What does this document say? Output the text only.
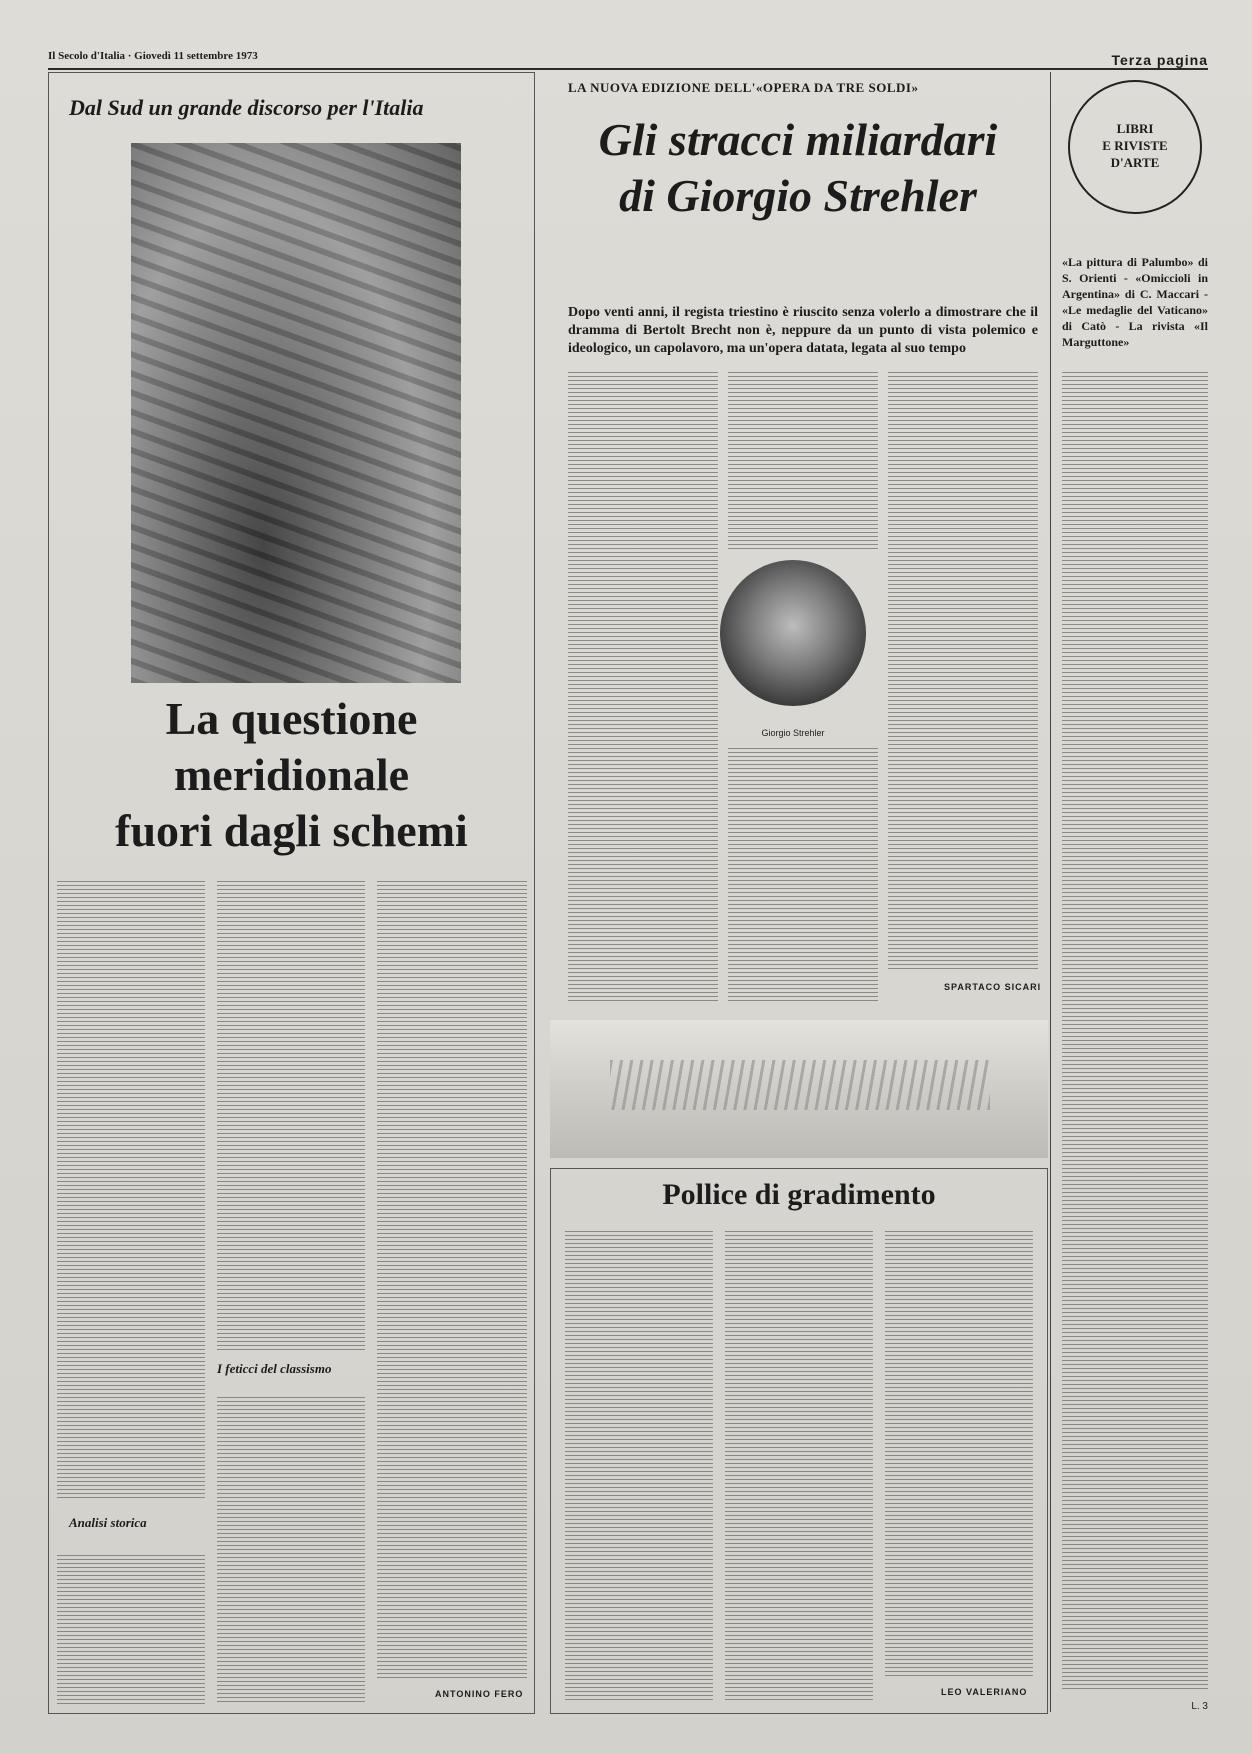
Il Secolo d'Italia · Giovedì 11 settembre 1973	Terza pagina
Dal Sud un grande discorso per l'Italia
La questione
meridionale
fuori dagli schemi
Analisi storica
I feticci del classismo
ANTONINO FERO
LA NUOVA EDIZIONE DELL'«OPERA DA TRE SOLDI»
Gli stracci miliardari
di Giorgio Strehler
Dopo venti anni, il regista triestino è riuscito senza volerlo a dimostrare che il dramma di Bertolt Brecht non è, neppure da un punto di vista polemico e ideologico, un capolavoro, ma un'opera datata, legata al suo tempo
Giorgio Strehler
SPARTACO SICARI
Pollice di gradimento
LEO VALERIANO
LIBRI
E RIVISTE
D'ARTE
«La pittura di Palumbo» di S. Orienti - «Omiccioli in Argentina» di C. Maccari - «Le medaglie del Vaticano» di Catò - La rivista «Il Marguttone»
L. 3
